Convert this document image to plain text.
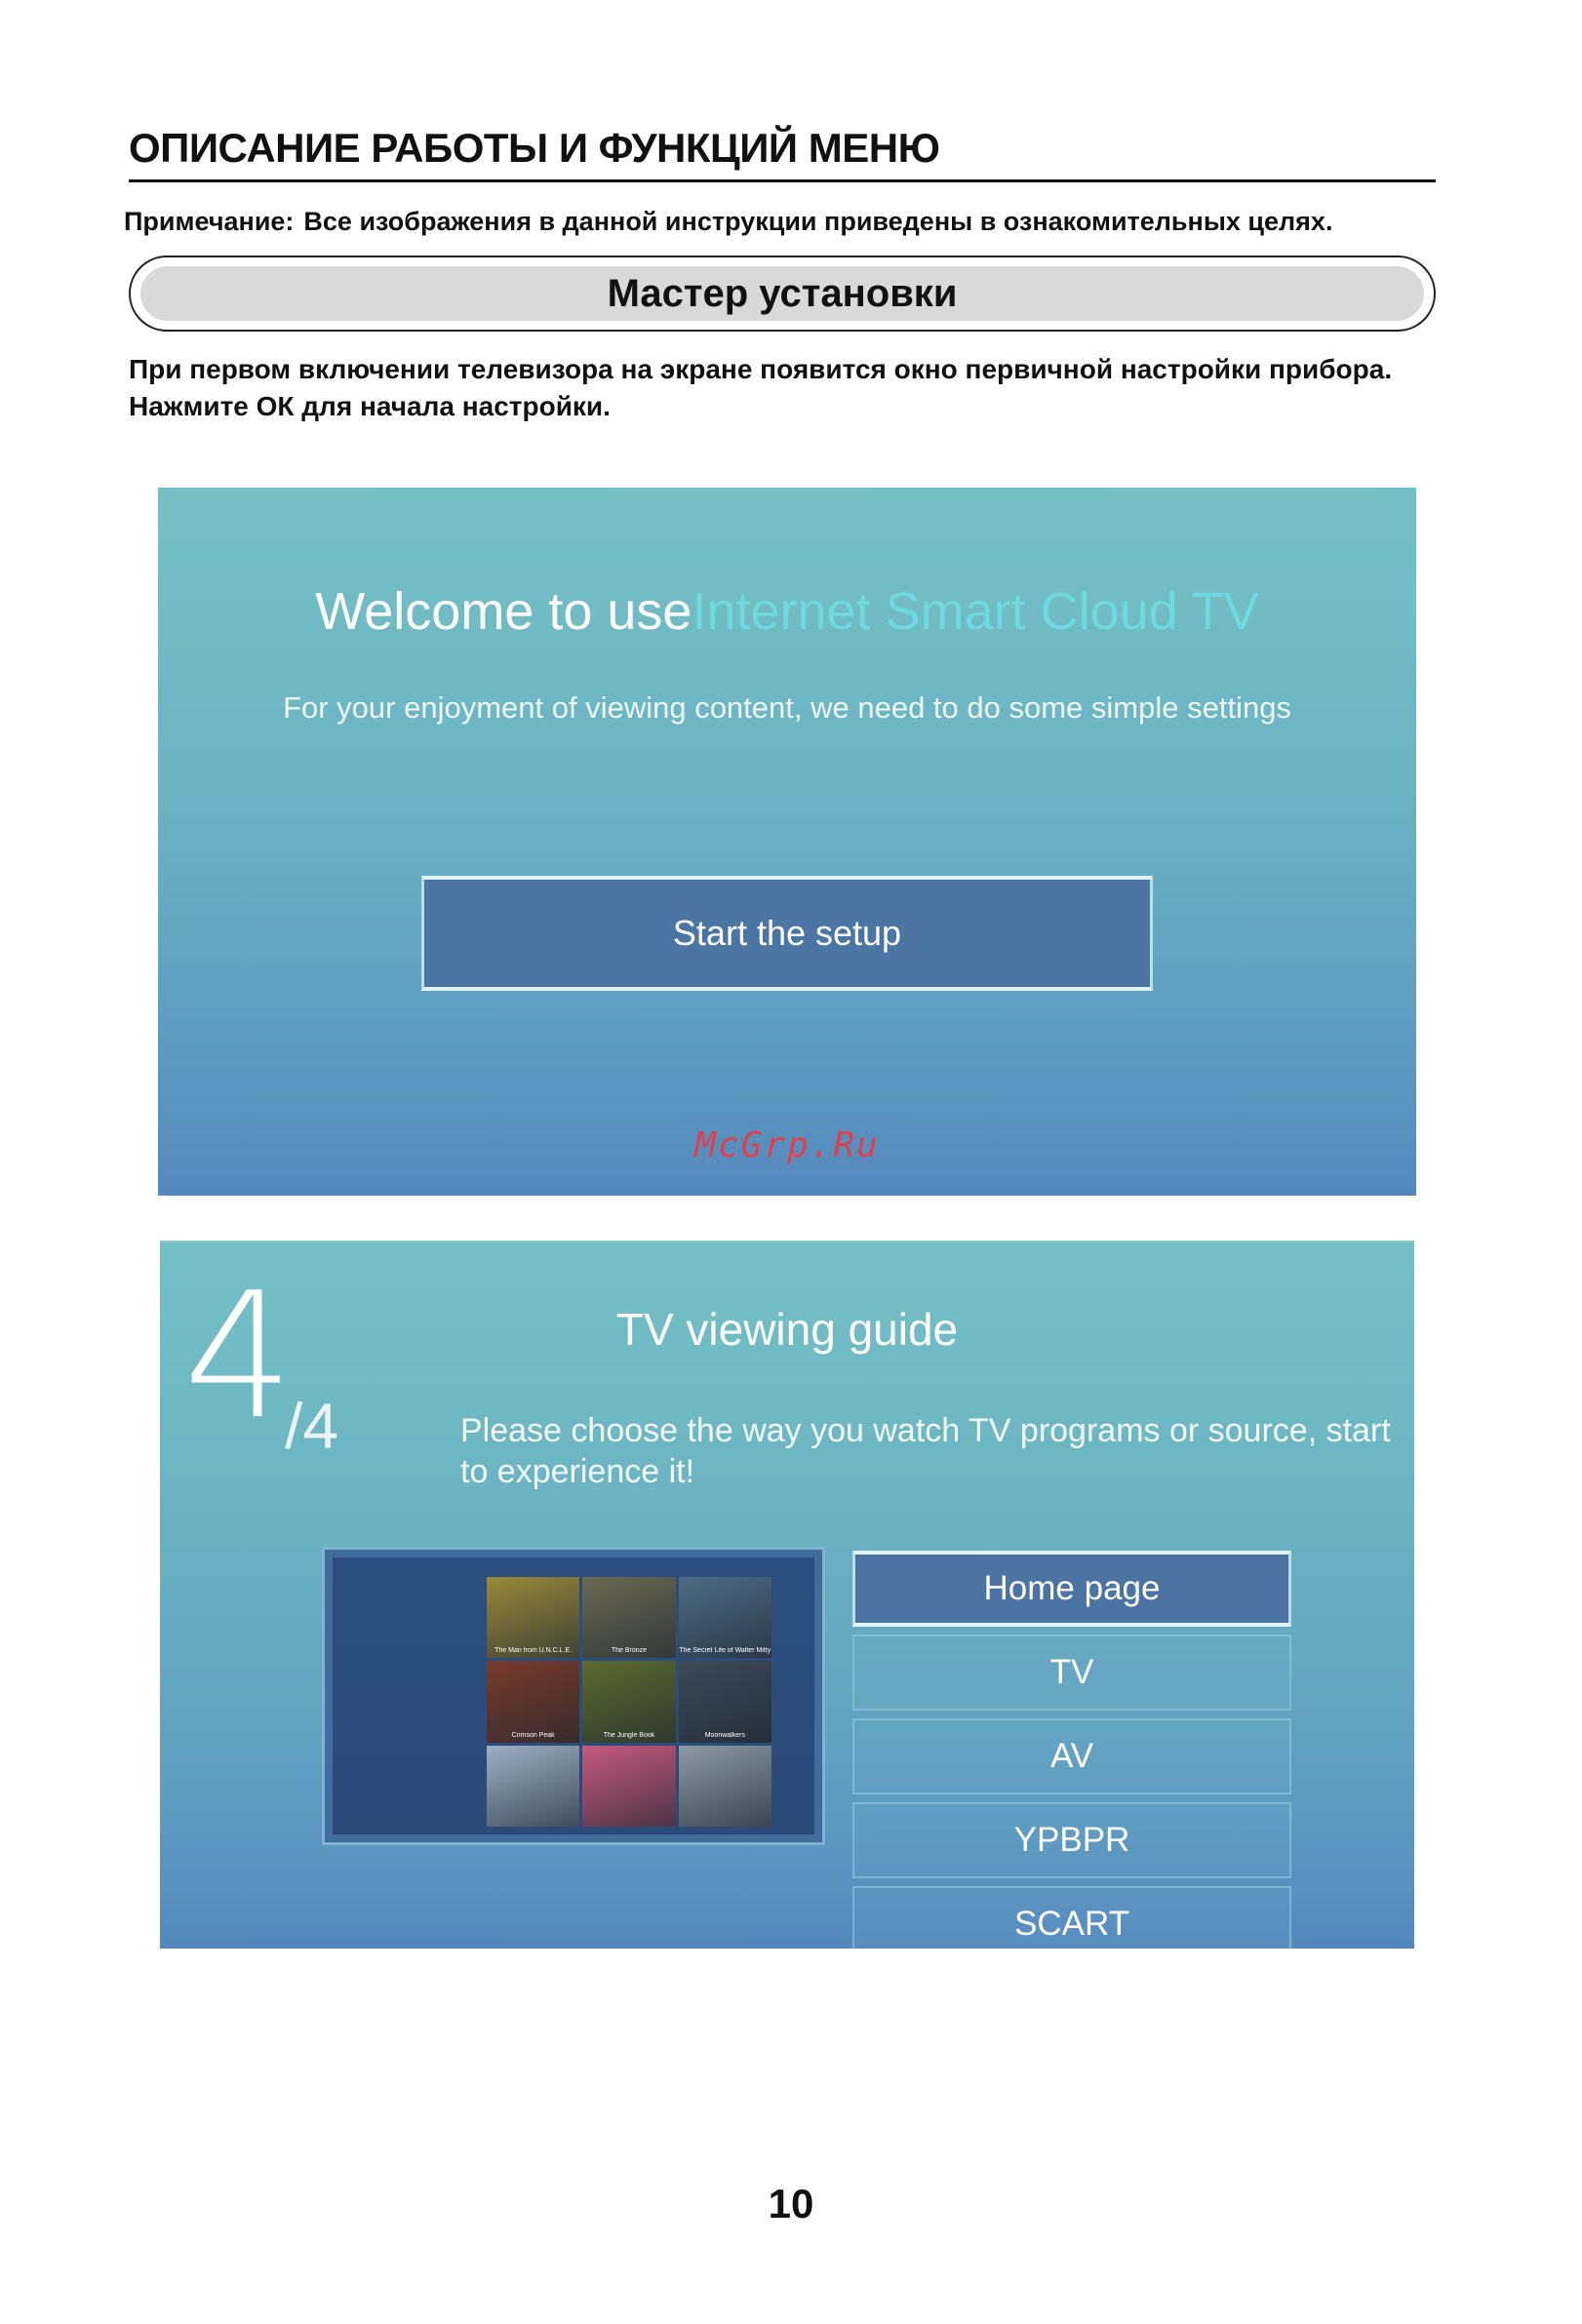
ОПИСАНИЕ РАБОТЫ И ФУНКЦИЙ МЕНЮ
Примечание: Все изображения в данной инструкции приведены в ознакомительных целях.
Мастер установки
При первом включении телевизора на экране появится окно первичной настройки прибора.
Нажмите ОК для начала настройки.
Welcome to useInternet Smart Cloud TV
For your enjoyment of viewing content, we need to do some simple settings
Start the setup
McGrp.Ru
4
/4
TV viewing guide
Please choose the way you watch TV programs or source, start to experience it!
The Man from U.N.C.L.E.	The Bronze	The Secret Life of Walter Mitty
Crimson Peak	The Jungle Book	Moonwalkers
Home page
TV
AV
YPBPR
SCART
10
